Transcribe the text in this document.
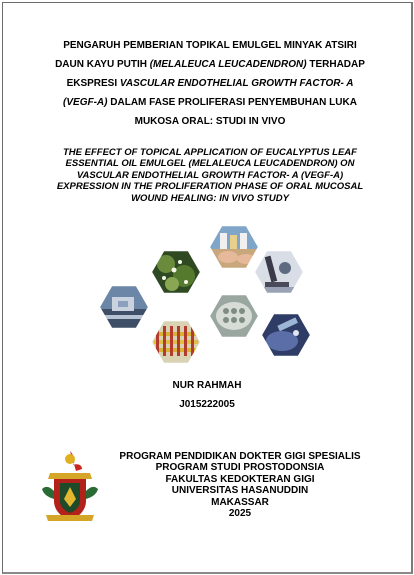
PENGARUH PEMBERIAN TOPIKAL EMULGEL MINYAK ATSIRI
DAUN KAYU PUTIH (MELALEUCA LEUCADENDRON) TERHADAP
EKSPRESI VASCULAR ENDOTHELIAL GROWTH FACTOR- A
(VEGF-A) DALAM FASE PROLIFERASI PENYEMBUHAN LUKA
MUKOSA ORAL: STUDI IN VIVO
THE EFFECT OF TOPICAL APPLICATION OF EUCALYPTUS LEAF
ESSENTIAL OIL EMULGEL (MELALEUCA LEUCADENDRON) ON
VASCULAR ENDOTHELIAL GROWTH FACTOR- A (VEGF-A)
EXPRESSION IN THE PROLIFERATION PHASE OF ORAL MUCOSAL
WOUND HEALING: IN VIVO STUDY
NUR RAHMAH
J015222005
PROGRAM PENDIDIKAN DOKTER GIGI SPESIALIS
PROGRAM STUDI PROSTODONSIA
FAKULTAS KEDOKTERAN GIGI
UNIVERSITAS HASANUDDIN
MAKASSAR
2025
